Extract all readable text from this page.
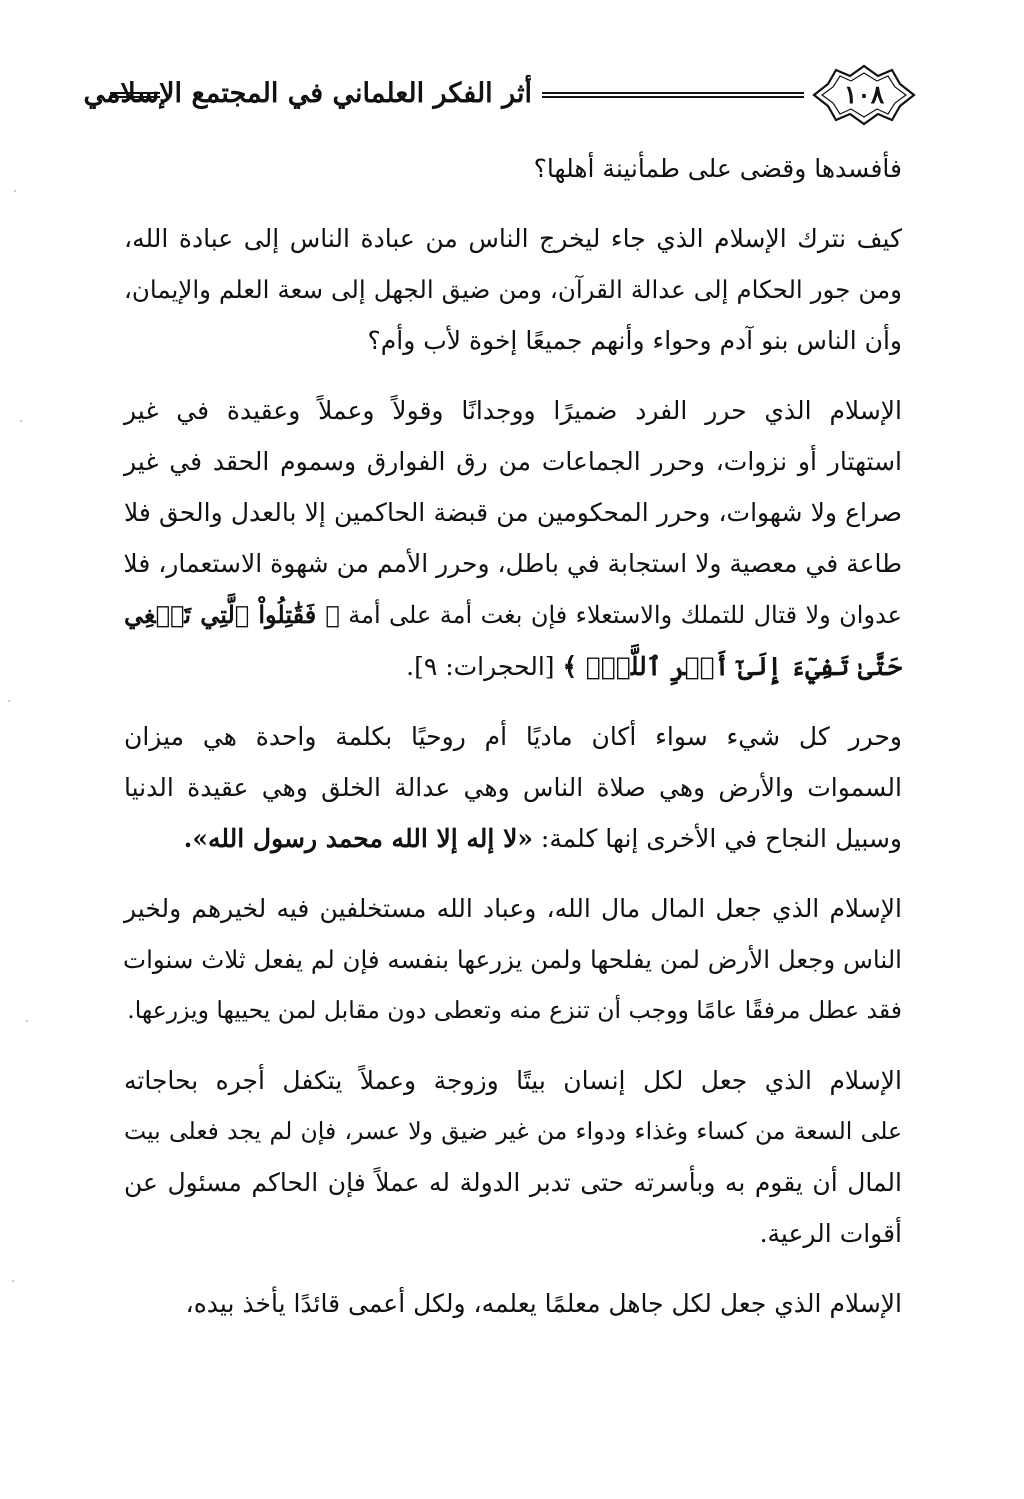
أثر الفكر العلماني في المجتمع الإسلامي	١٠٨
فأفسدها وقضى على طمأنينة أهلها؟
كيف نترك الإسلام الذي جاء ليخرج الناس من عبادة الناس إلى عبادة الله،
ومن جور الحكام إلى عدالة القرآن، ومن ضيق الجهل إلى سعة العلم والإيمان،
وأن الناس بنو آدم وحواء وأنهم جميعًا إخوة لأب وأم؟
الإسلام الذي حرر الفرد ضميرًا ووجدانًا وقولاً وعملاً وعقيدة في غير
استهتار أو نزوات، وحرر الجماعات من رق الفوارق وسموم الحقد في غير
صراع ولا شهوات، وحرر المحكومين من قبضة الحاكمين إلا بالعدل والحق فلا
طاعة في معصية ولا استجابة في باطل، وحرر الأمم من شهوة الاستعمار، فلا
عدوان ولا قتال للتملك والاستعلاء فإن بغت أمة على أمة ﴿ فَقَٰتِلُواْ ٱلَّتِي تَبۡغِي
حَتَّىٰ تَفِيٓءَ إِلَىٰٓ أَمۡرِ ٱللَّهِۚ ﴾ [الحجرات: ٩].
وحرر كل شيء سواء أكان ماديًا أم روحيًا بكلمة واحدة هي ميزان
السموات والأرض وهي صلاة الناس وهي عدالة الخلق وهي عقيدة الدنيا
وسبيل النجاح في الأخرى إنها كلمة: «لا إله إلا الله محمد رسول الله».
الإسلام الذي جعل المال مال الله، وعباد الله مستخلفين فيه لخيرهم ولخير
الناس وجعل الأرض لمن يفلحها ولمن يزرعها بنفسه فإن لم يفعل ثلاث سنوات
فقد عطل مرفقًا عامًا ووجب أن تنزع منه وتعطى دون مقابل لمن يحييها ويزرعها.
الإسلام الذي جعل لكل إنسان بيتًا وزوجة وعملاً يتكفل أجره بحاجاته
على السعة من كساء وغذاء ودواء من غير ضيق ولا عسر، فإن لم يجد فعلى بيت
المال أن يقوم به وبأسرته حتى تدبر الدولة له عملاً فإن الحاكم مسئول عن
أقوات الرعية.
الإسلام الذي جعل لكل جاهل معلمًا يعلمه، ولكل أعمى قائدًا يأخذ بيده،
